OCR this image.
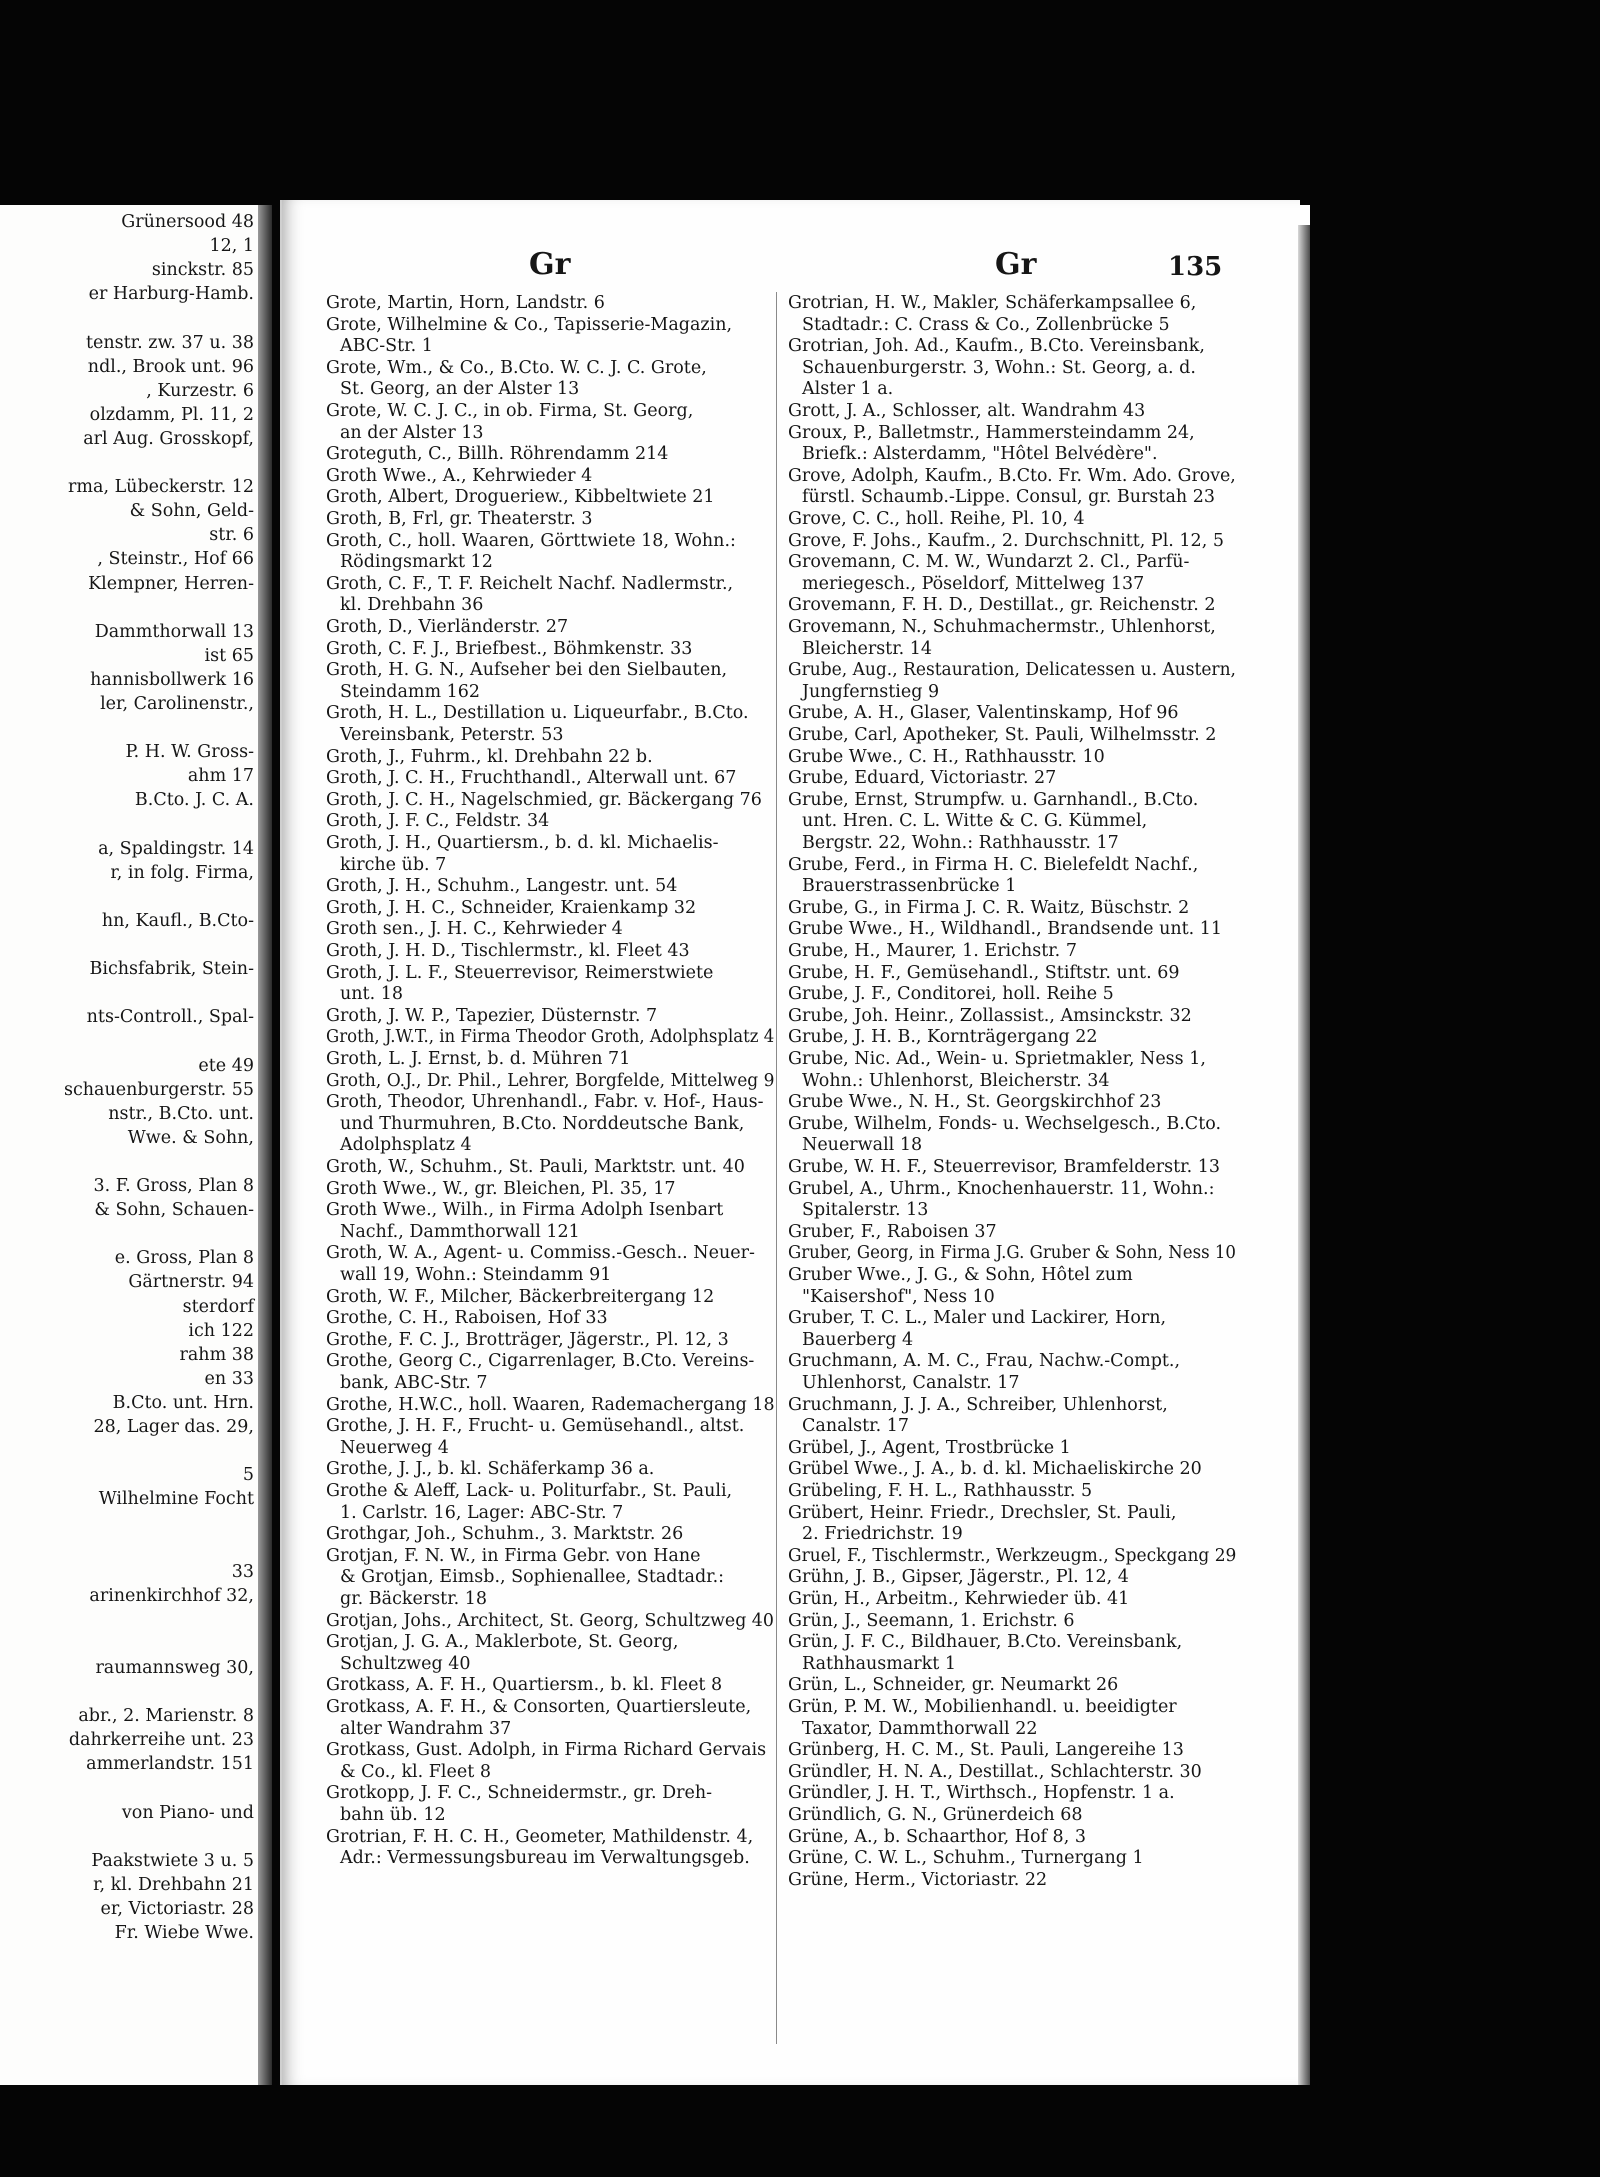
Grünersood 48
12, 1
sinckstr. 85
er Harburg-Hamb.
tenstr. zw. 37 u. 38
ndl., Brook unt. 96
, Kurzestr. 6
olzdamm, Pl. 11, 2
arl Aug. Grosskopf,
rma, Lübeckerstr. 12
& Sohn, Geld-
str. 6
, Steinstr., Hof 66
Klempner, Herren-
Dammthorwall 13
ist 65
hannisbollwerk 16
ler, Carolinenstr.,
P. H. W. Gross-
ahm 17
B.Cto. J. C. A.
a, Spaldingstr. 14
r, in folg. Firma,
hn, Kaufl., B.Cto-
Bichsfabrik, Stein-
nts-Controll., Spal-
ete 49
schauenburgerstr. 55
nstr., B.Cto. unt.
Wwe. & Sohn,
3. F. Gross, Plan 8
& Sohn, Schauen-
e. Gross, Plan 8
Gärtnerstr. 94
sterdorf
ich 122
rahm 38
en 33
B.Cto. unt. Hrn.
28, Lager das. 29,
5
Wilhelmine Focht
33
arinenkirchhof 32,
raumannsweg 30,
abr., 2. Marienstr. 8
dahrkerreihe unt. 23
ammerlandstr. 151
von Piano- und
Paakstwiete 3 u. 5
r, kl. Drehbahn 21
er, Victoriastr. 28
Fr. Wiebe Wwe.
Gr	Gr	135
Grote, Martin, Horn, Landstr. 6
Grote, Wilhelmine & Co., Tapisserie-Magazin,
ABC-Str. 1
Grote, Wm., & Co., B.Cto. W. C. J. C. Grote,
St. Georg, an der Alster 13
Grote, W. C. J. C., in ob. Firma, St. Georg,
an der Alster 13
Groteguth, C., Billh. Röhrendamm 214
Groth Wwe., A., Kehrwieder 4
Groth, Albert, Drogueriew., Kibbeltwiete 21
Groth, B, Frl, gr. Theaterstr. 3
Groth, C., holl. Waaren, Görttwiete 18, Wohn.:
Rödingsmarkt 12
Groth, C. F., T. F. Reichelt Nachf. Nadlermstr.,
kl. Drehbahn 36
Groth, D., Vierländerstr. 27
Groth, C. F. J., Briefbest., Böhmkenstr. 33
Groth, H. G. N., Aufseher bei den Sielbauten,
Steindamm 162
Groth, H. L., Destillation u. Liqueurfabr., B.Cto.
Vereinsbank, Peterstr. 53
Groth, J., Fuhrm., kl. Drehbahn 22 b.
Groth, J. C. H., Fruchthandl., Alterwall unt. 67
Groth, J. C. H., Nagelschmied, gr. Bäckergang 76
Groth, J. F. C., Feldstr. 34
Groth, J. H., Quartiersm., b. d. kl. Michaelis-
kirche üb. 7
Groth, J. H., Schuhm., Langestr. unt. 54
Groth, J. H. C., Schneider, Kraienkamp 32
Groth sen., J. H. C., Kehrwieder 4
Groth, J. H. D., Tischlermstr., kl. Fleet 43
Groth, J. L. F., Steuerrevisor, Reimerstwiete
unt. 18
Groth, J. W. P., Tapezier, Düsternstr. 7
Groth, J.W.T., in Firma Theodor Groth, Adolphsplatz 4
Groth, L. J. Ernst, b. d. Mühren 71
Groth, O.J., Dr. Phil., Lehrer, Borgfelde, Mittelweg 9
Groth, Theodor, Uhrenhandl., Fabr. v. Hof-, Haus-
und Thurmuhren, B.Cto. Norddeutsche Bank,
Adolphsplatz 4
Groth, W., Schuhm., St. Pauli, Marktstr. unt. 40
Groth Wwe., W., gr. Bleichen, Pl. 35, 17
Groth Wwe., Wilh., in Firma Adolph Isenbart
Nachf., Dammthorwall 121
Groth, W. A., Agent- u. Commiss.-Gesch.. Neuer-
wall 19, Wohn.: Steindamm 91
Groth, W. F., Milcher, Bäckerbreitergang 12
Grothe, C. H., Raboisen, Hof 33
Grothe, F. C. J., Brotträger, Jägerstr., Pl. 12, 3
Grothe, Georg C., Cigarrenlager, B.Cto. Vereins-
bank, ABC-Str. 7
Grothe, H.W.C., holl. Waaren, Rademachergang 18
Grothe, J. H. F., Frucht- u. Gemüsehandl., altst.
Neuerweg 4
Grothe, J. J., b. kl. Schäferkamp 36 a.
Grothe & Aleff, Lack- u. Politurfabr., St. Pauli,
1. Carlstr. 16, Lager: ABC-Str. 7
Grothgar, Joh., Schuhm., 3. Marktstr. 26
Grotjan, F. N. W., in Firma Gebr. von Hane
& Grotjan, Eimsb., Sophienallee, Stadtadr.:
gr. Bäckerstr. 18
Grotjan, Johs., Architect, St. Georg, Schultzweg 40
Grotjan, J. G. A., Maklerbote, St. Georg,
Schultzweg 40
Grotkass, A. F. H., Quartiersm., b. kl. Fleet 8
Grotkass, A. F. H., & Consorten, Quartiersleute,
alter Wandrahm 37
Grotkass, Gust. Adolph, in Firma Richard Gervais
& Co., kl. Fleet 8
Grotkopp, J. F. C., Schneidermstr., gr. Dreh-
bahn üb. 12
Grotrian, F. H. C. H., Geometer, Mathildenstr. 4,
Adr.: Vermessungsbureau im Verwaltungsgeb.
Grotrian, H. W., Makler, Schäferkampsallee 6,
Stadtadr.: C. Crass & Co., Zollenbrücke 5
Grotrian, Joh. Ad., Kaufm., B.Cto. Vereinsbank,
Schauenburgerstr. 3, Wohn.: St. Georg, a. d.
Alster 1 a.
Grott, J. A., Schlosser, alt. Wandrahm 43
Groux, P., Balletmstr., Hammersteindamm 24,
Briefk.: Alsterdamm, "Hôtel Belvédère".
Grove, Adolph, Kaufm., B.Cto. Fr. Wm. Ado. Grove,
fürstl. Schaumb.-Lippe. Consul, gr. Burstah 23
Grove, C. C., holl. Reihe, Pl. 10, 4
Grove, F. Johs., Kaufm., 2. Durchschnitt, Pl. 12, 5
Grovemann, C. M. W., Wundarzt 2. Cl., Parfü-
meriegesch., Pöseldorf, Mittelweg 137
Grovemann, F. H. D., Destillat., gr. Reichenstr. 2
Grovemann, N., Schuhmachermstr., Uhlenhorst,
Bleicherstr. 14
Grube, Aug., Restauration, Delicatessen u. Austern,
Jungfernstieg 9
Grube, A. H., Glaser, Valentinskamp, Hof 96
Grube, Carl, Apotheker, St. Pauli, Wilhelmsstr. 2
Grube Wwe., C. H., Rathhausstr. 10
Grube, Eduard, Victoriastr. 27
Grube, Ernst, Strumpfw. u. Garnhandl., B.Cto.
unt. Hren. C. L. Witte & C. G. Kümmel,
Bergstr. 22, Wohn.: Rathhausstr. 17
Grube, Ferd., in Firma H. C. Bielefeldt Nachf.,
Brauerstrassenbrücke 1
Grube, G., in Firma J. C. R. Waitz, Büschstr. 2
Grube Wwe., H., Wildhandl., Brandsende unt. 11
Grube, H., Maurer, 1. Erichstr. 7
Grube, H. F., Gemüsehandl., Stiftstr. unt. 69
Grube, J. F., Conditorei, holl. Reihe 5
Grube, Joh. Heinr., Zollassist., Amsinckstr. 32
Grube, J. H. B., Kornträgergang 22
Grube, Nic. Ad., Wein- u. Sprietmakler, Ness 1,
Wohn.: Uhlenhorst, Bleicherstr. 34
Grube Wwe., N. H., St. Georgskirchhof 23
Grube, Wilhelm, Fonds- u. Wechselgesch., B.Cto.
Neuerwall 18
Grube, W. H. F., Steuerrevisor, Bramfelderstr. 13
Grubel, A., Uhrm., Knochenhauerstr. 11, Wohn.:
Spitalerstr. 13
Gruber, F., Raboisen 37
Gruber, Georg, in Firma J.G. Gruber & Sohn, Ness 10
Gruber Wwe., J. G., & Sohn, Hôtel zum
"Kaisershof", Ness 10
Gruber, T. C. L., Maler und Lackirer, Horn,
Bauerberg 4
Gruchmann, A. M. C., Frau, Nachw.-Compt.,
Uhlenhorst, Canalstr. 17
Gruchmann, J. J. A., Schreiber, Uhlenhorst,
Canalstr. 17
Grübel, J., Agent, Trostbrücke 1
Grübel Wwe., J. A., b. d. kl. Michaeliskirche 20
Grübeling, F. H. L., Rathhausstr. 5
Grübert, Heinr. Friedr., Drechsler, St. Pauli,
2. Friedrichstr. 19
Gruel, F., Tischlermstr., Werkzeugm., Speckgang 29
Grühn, J. B., Gipser, Jägerstr., Pl. 12, 4
Grün, H., Arbeitm., Kehrwieder üb. 41
Grün, J., Seemann, 1. Erichstr. 6
Grün, J. F. C., Bildhauer, B.Cto. Vereinsbank,
Rathhausmarkt 1
Grün, L., Schneider, gr. Neumarkt 26
Grün, P. M. W., Mobilienhandl. u. beeidigter
Taxator, Dammthorwall 22
Grünberg, H. C. M., St. Pauli, Langereihe 13
Gründler, H. N. A., Destillat., Schlachterstr. 30
Gründler, J. H. T., Wirthsch., Hopfenstr. 1 a.
Gründlich, G. N., Grünerdeich 68
Grüne, A., b. Schaarthor, Hof 8, 3
Grüne, C. W. L., Schuhm., Turnergang 1
Grüne, Herm., Victoriastr. 22
